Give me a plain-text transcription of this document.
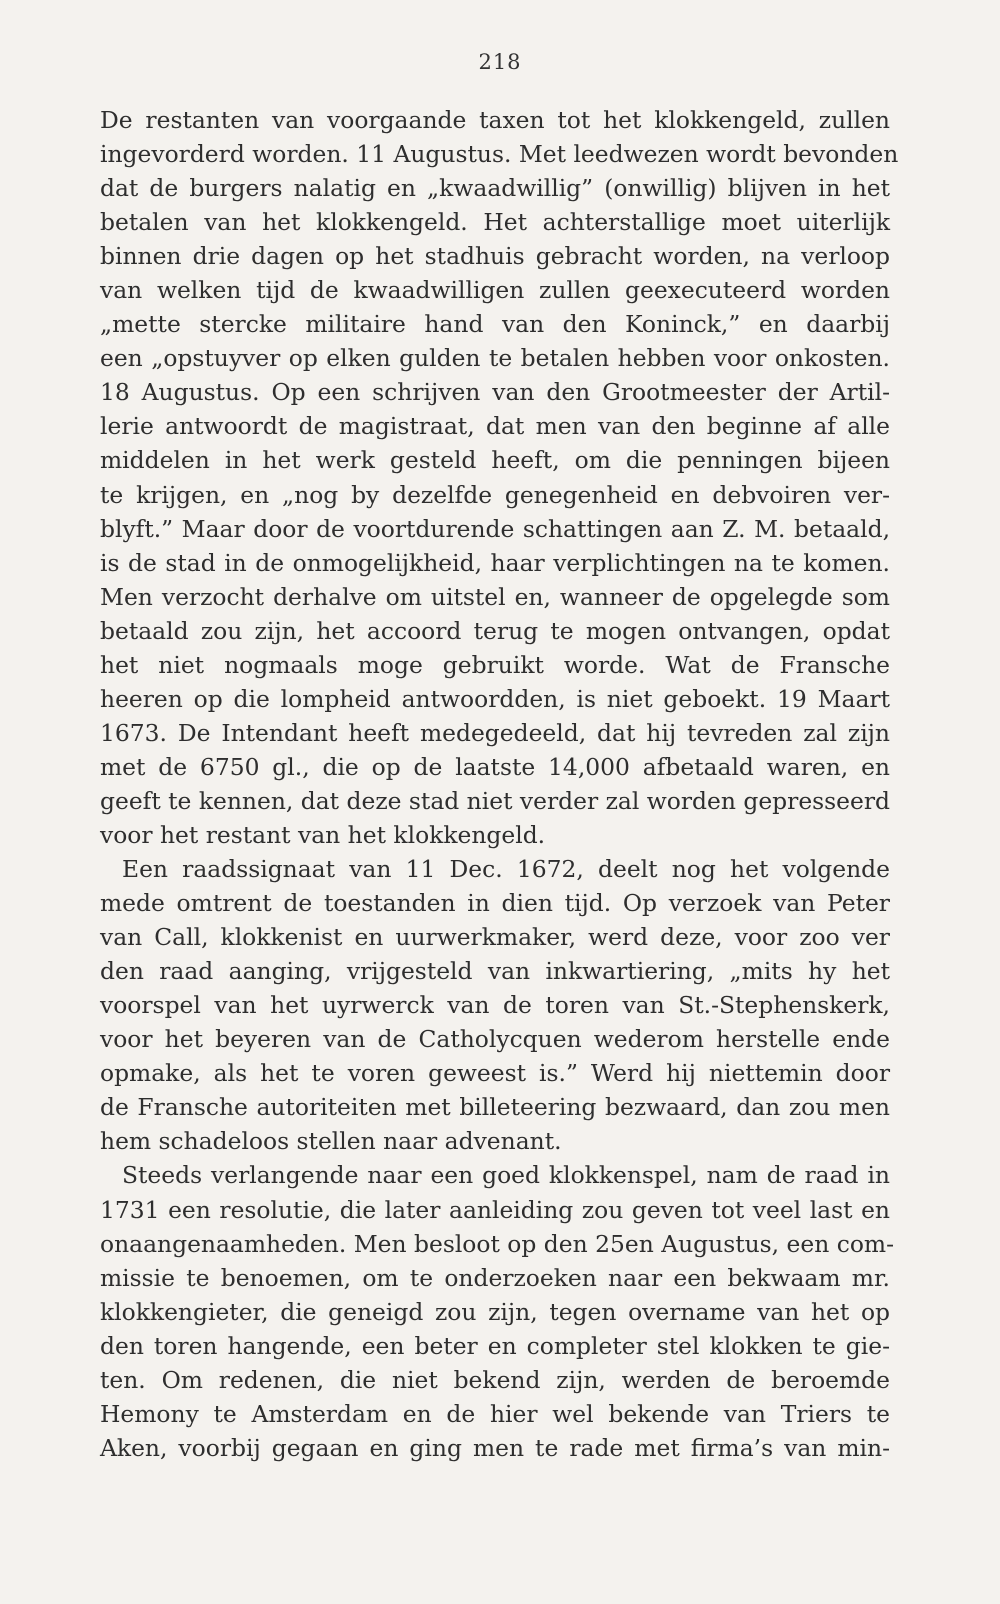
218
De restanten van voorgaande taxen tot het klokkengeld, zullen
ingevorderd worden. 11 Augustus. Met leedwezen wordt bevonden
dat de burgers nalatig en „kwaadwillig” (onwillig) blijven in het
betalen van het klokkengeld. Het achterstallige moet uiterlijk
binnen drie dagen op het stadhuis gebracht worden, na verloop
van welken tijd de kwaadwilligen zullen geexecuteerd worden
„mette stercke militaire hand van den Koninck,” en daarbij
een „opstuyver op elken gulden te betalen hebben voor onkosten.
18 Augustus. Op een schrijven van den Grootmeester der Artil-
lerie antwoordt de magistraat, dat men van den beginne af alle
middelen in het werk gesteld heeft, om die penningen bijeen
te krijgen, en „nog by dezelfde genegenheid en debvoiren ver-
blyft.” Maar door de voortdurende schattingen aan Z. M. betaald,
is de stad in de onmogelijkheid, haar verplichtingen na te komen.
Men verzocht derhalve om uitstel en, wanneer de opgelegde som
betaald zou zijn, het accoord terug te mogen ontvangen, opdat
het niet nogmaals moge gebruikt worde. Wat de Fransche
heeren op die lompheid antwoordden, is niet geboekt. 19 Maart
1673. De Intendant heeft medegedeeld, dat hij tevreden zal zijn
met de 6750 gl., die op de laatste 14,000 afbetaald waren, en
geeft te kennen, dat deze stad niet verder zal worden gepresseerd
voor het restant van het klokkengeld.
Een raadssignaat van 11 Dec. 1672, deelt nog het volgende
mede omtrent de toestanden in dien tijd. Op verzoek van Peter
van Call, klokkenist en uurwerkmaker, werd deze, voor zoo ver
den raad aanging, vrijgesteld van inkwartiering, „mits hy het
voorspel van het uyrwerck van de toren van St.-Stephenskerk,
voor het beyeren van de Catholycquen wederom herstelle ende
opmake, als het te voren geweest is.” Werd hij niettemin door
de Fransche autoriteiten met billeteering bezwaard, dan zou men
hem schadeloos stellen naar advenant.
Steeds verlangende naar een goed klokkenspel, nam de raad in
1731 een resolutie, die later aanleiding zou geven tot veel last en
onaangenaamheden. Men besloot op den 25en Augustus, een com-
missie te benoemen, om te onderzoeken naar een bekwaam mr.
klokkengieter, die geneigd zou zijn, tegen overname van het op
den toren hangende, een beter en completer stel klokken te gie-
ten. Om redenen, die niet bekend zijn, werden de beroemde
Hemony te Amsterdam en de hier wel bekende van Triers te
Aken, voorbij gegaan en ging men te rade met firma’s van min-
